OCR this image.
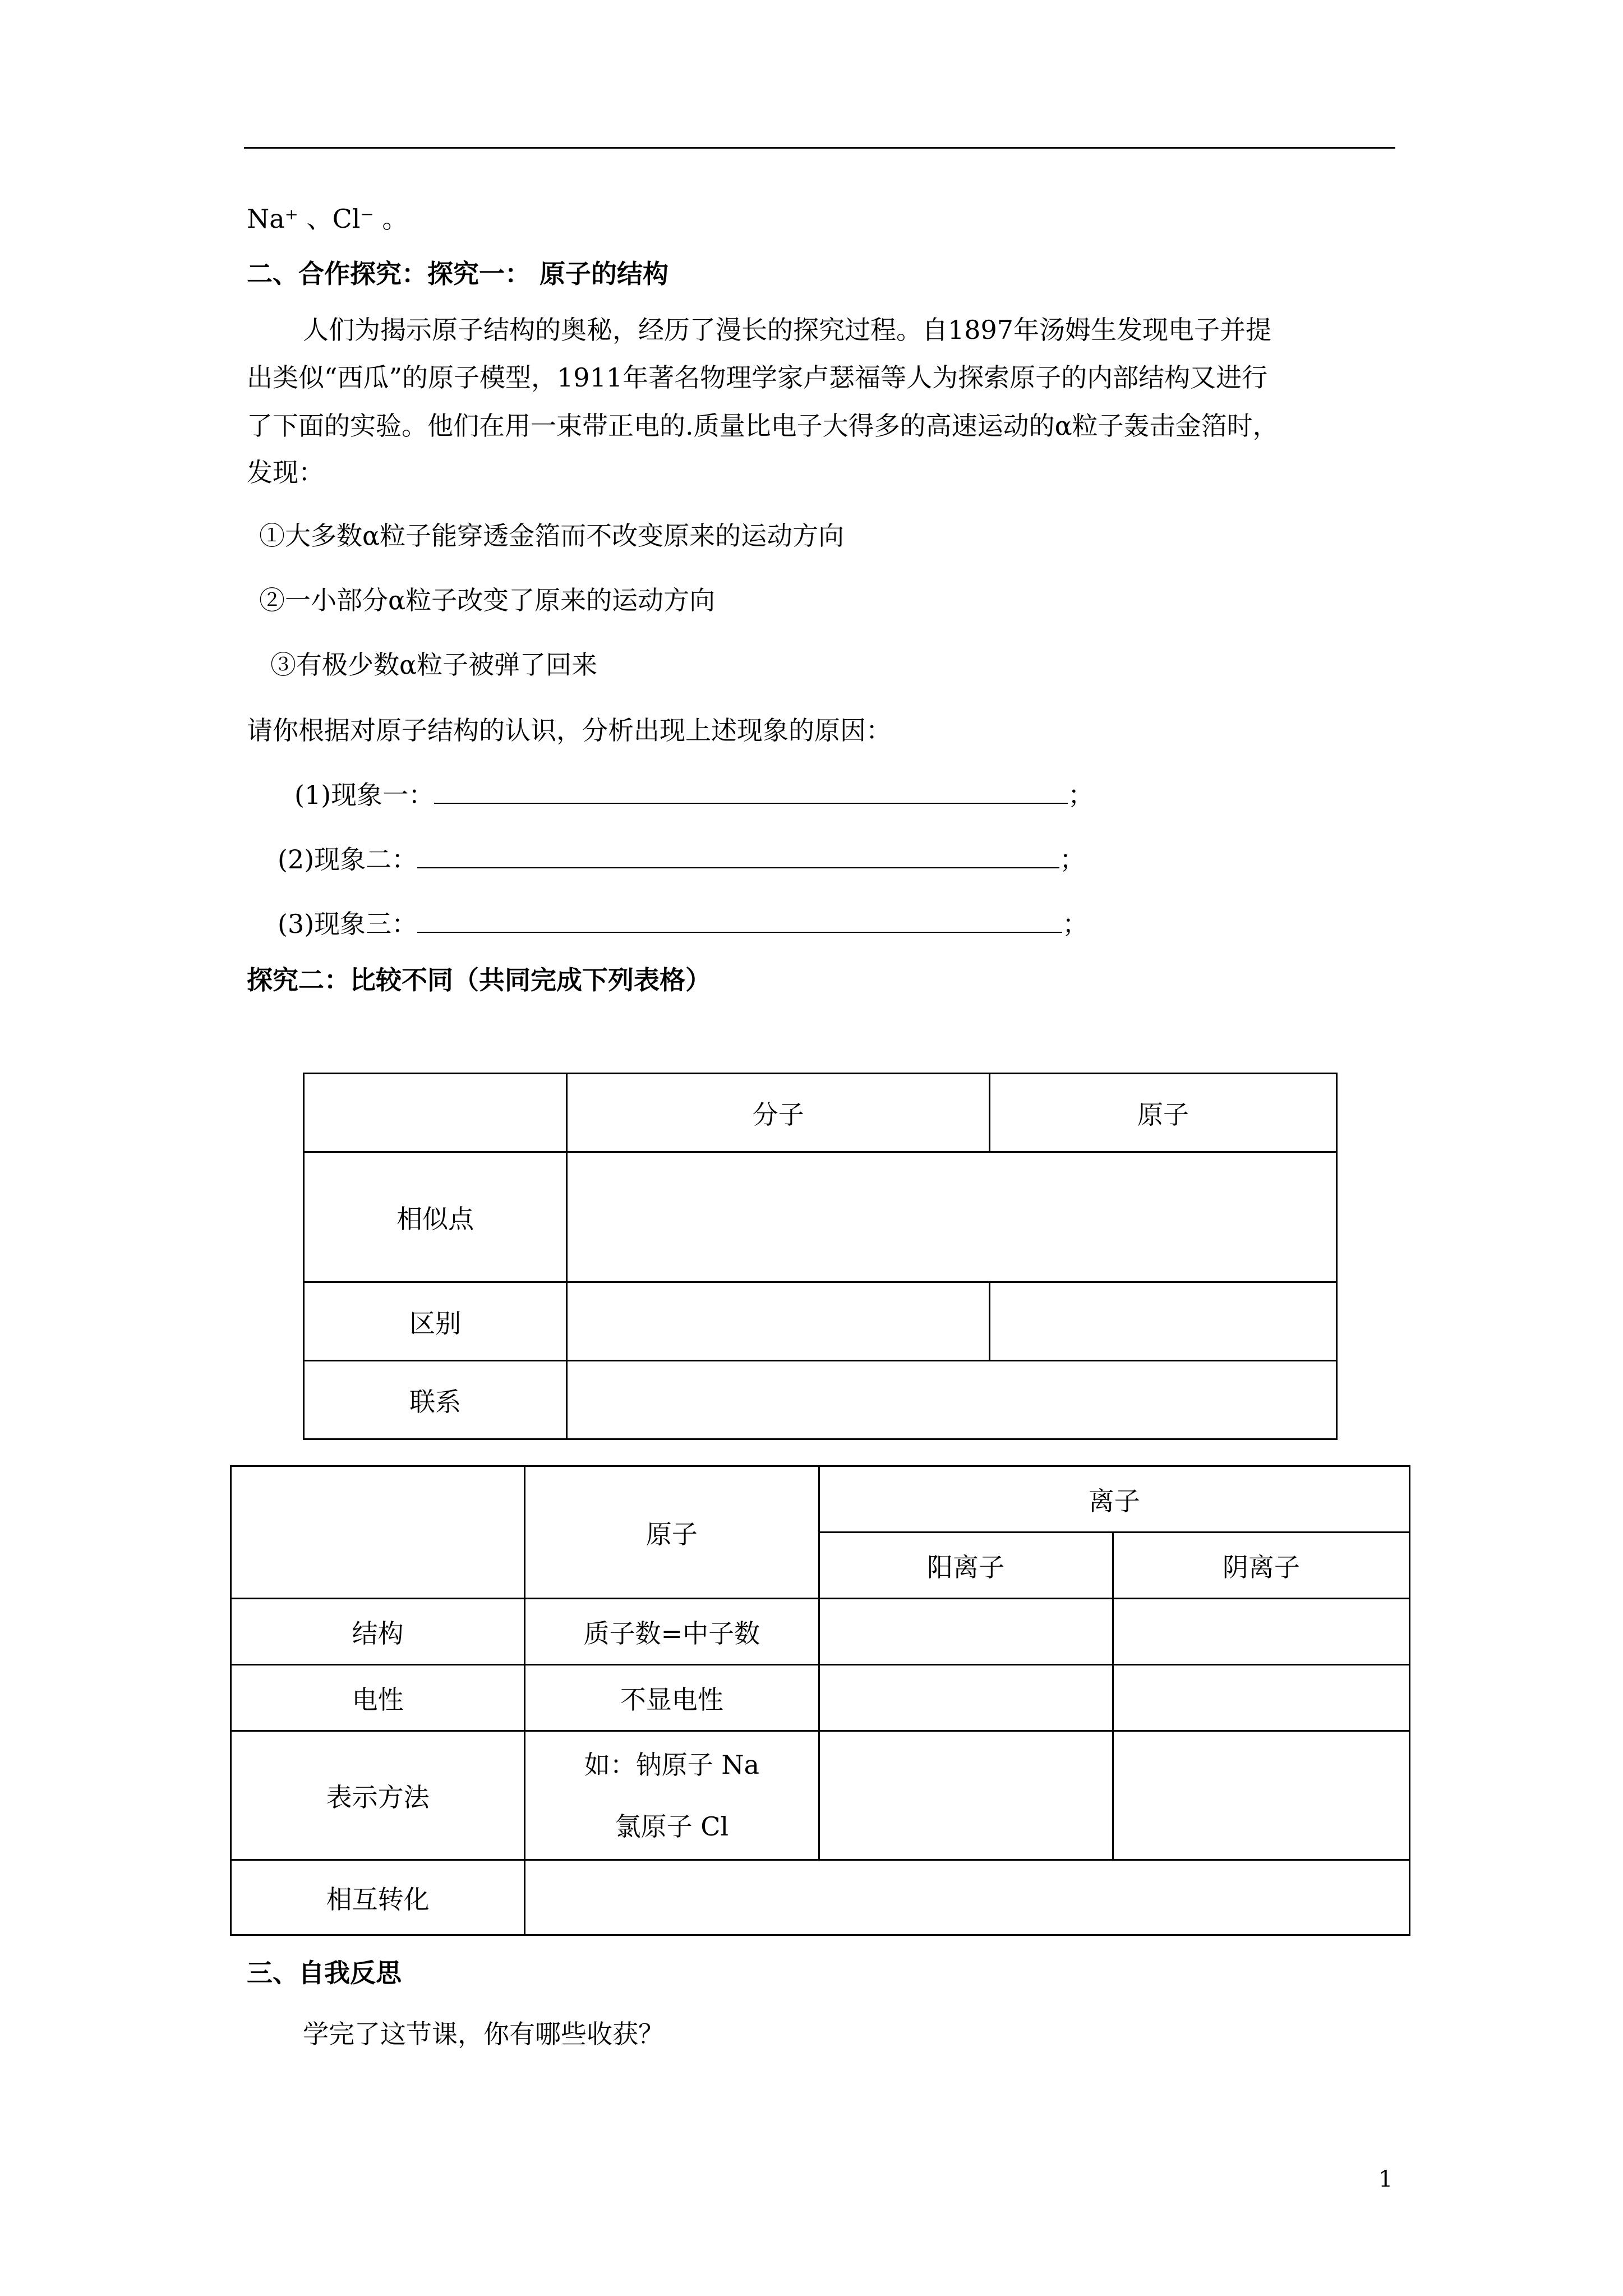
Na⁺ 、Cl⁻ 。
二、合作探究：探究一： 原子的结构
人们为揭示原子结构的奥秘，经历了漫长的探究过程。自1897年汤姆生发现电子并提
出类似“西瓜”的原子模型，1911年著名物理学家卢瑟福等人为探索原子的内部结构又进行
了下面的实验。他们在用一束带正电的.质量比电子大得多的高速运动的α粒子轰击金箔时，
发现：
①大多数α粒子能穿透金箔而不改变原来的运动方向
②一小部分α粒子改变了原来的运动方向
③有极少数α粒子被弹了回来
请你根据对原子结构的认识，分析出现上述现象的原因：
(1)现象一：	；
(2)现象二：	；
(3)现象三：	；
探究二：比较不同（共同完成下列表格）
	分子	原子
相似点		
区别		
联系		
	原子	离子	
		阳离子	阴离子
结构	质子数=中子数		
电性	不显电性		
表示方法	如：钠原子 Na
氯原子 Cl		

相互转化			
三、自我反思
学完了这节课，你有哪些收获？
1
